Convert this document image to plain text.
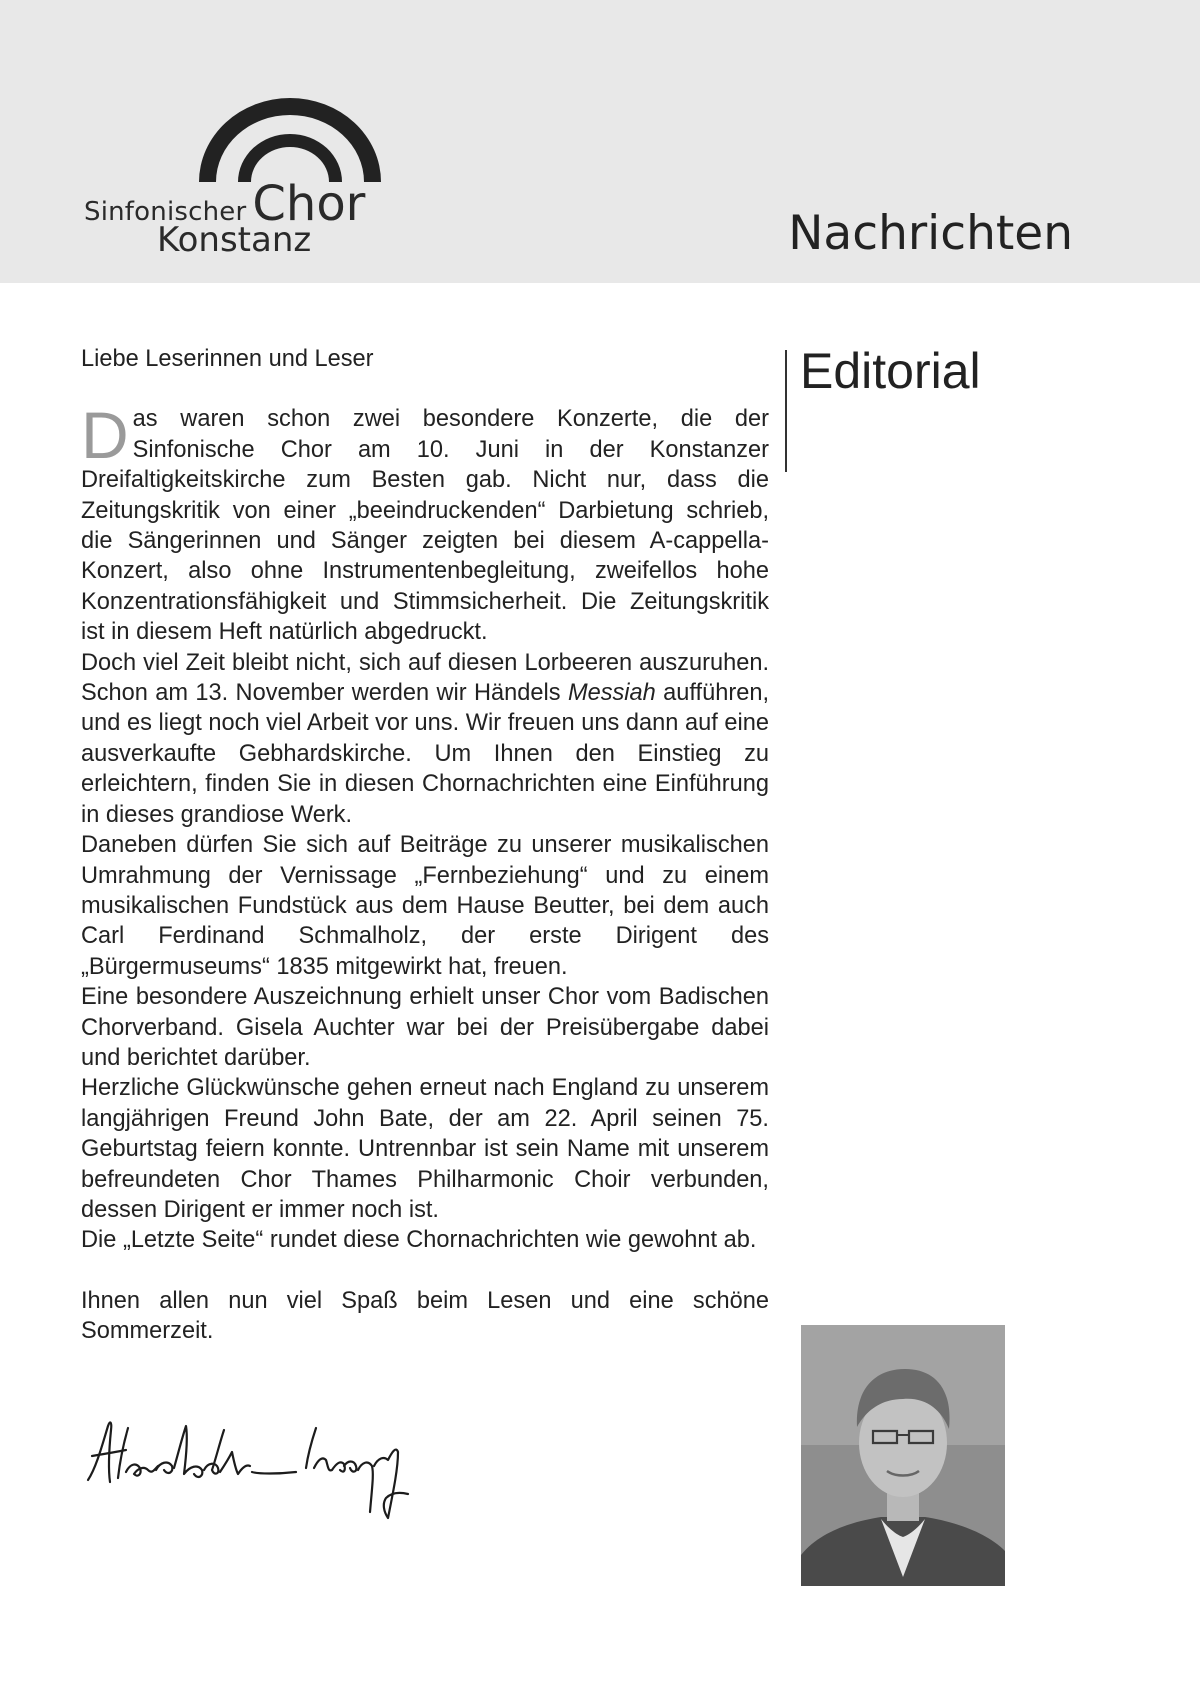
Sinfonischer Chor
Konstanz	Nachrichten
Editorial

Liebe Leserinnen und Leser

Das waren schon zwei besondere Konzerte, die der Sinfonische Chor am 10. Juni in der Konstanzer Dreifaltigkeitskirche zum Besten gab. Nicht nur, dass die Zeitungskritik von einer „beeindruckenden“ Darbietung schrieb, die Sängerinnen und Sänger zeigten bei diesem A-cappella-Konzert, also ohne Instrumentenbegleitung, zweifellos hohe Konzentrationsfähigkeit und Stimmsicherheit. Die Zeitungskritik ist in diesem Heft natürlich abgedruckt.

Doch viel Zeit bleibt nicht, sich auf diesen Lorbeeren auszuruhen. Schon am 13. November werden wir Händels Messiah aufführen, und es liegt noch viel Arbeit vor uns. Wir freuen uns dann auf eine ausverkaufte Gebhardskirche. Um Ihnen den Einstieg zu erleichtern, finden Sie in diesen Chornachrichten eine Einführung in dieses grandiose Werk.

Daneben dürfen Sie sich auf Beiträge zu unserer musikalischen Umrahmung der Vernissage „Fernbeziehung“ und zu einem musikalischen Fundstück aus dem Hause Beutter, bei dem auch Carl Ferdinand Schmalholz, der erste Dirigent des „Bürgermuseums“ 1835 mitgewirkt hat, freuen.

Eine besondere Auszeichnung erhielt unser Chor vom Badischen Chorverband. Gisela Auchter war bei der Preisübergabe dabei und berichtet darüber.

Herzliche Glückwünsche gehen erneut nach England zu unserem langjährigen Freund John Bate, der am 22. April seinen 75. Geburtstag feiern konnte. Untrennbar ist sein Name mit unserem befreundeten Chor Thames Philharmonic Choir verbunden, dessen Dirigent er immer noch ist.

Die „Letzte Seite“ rundet diese Chornachrichten wie gewohnt ab.

Ihnen allen nun viel Spaß beim Lesen und eine schöne Sommerzeit.
